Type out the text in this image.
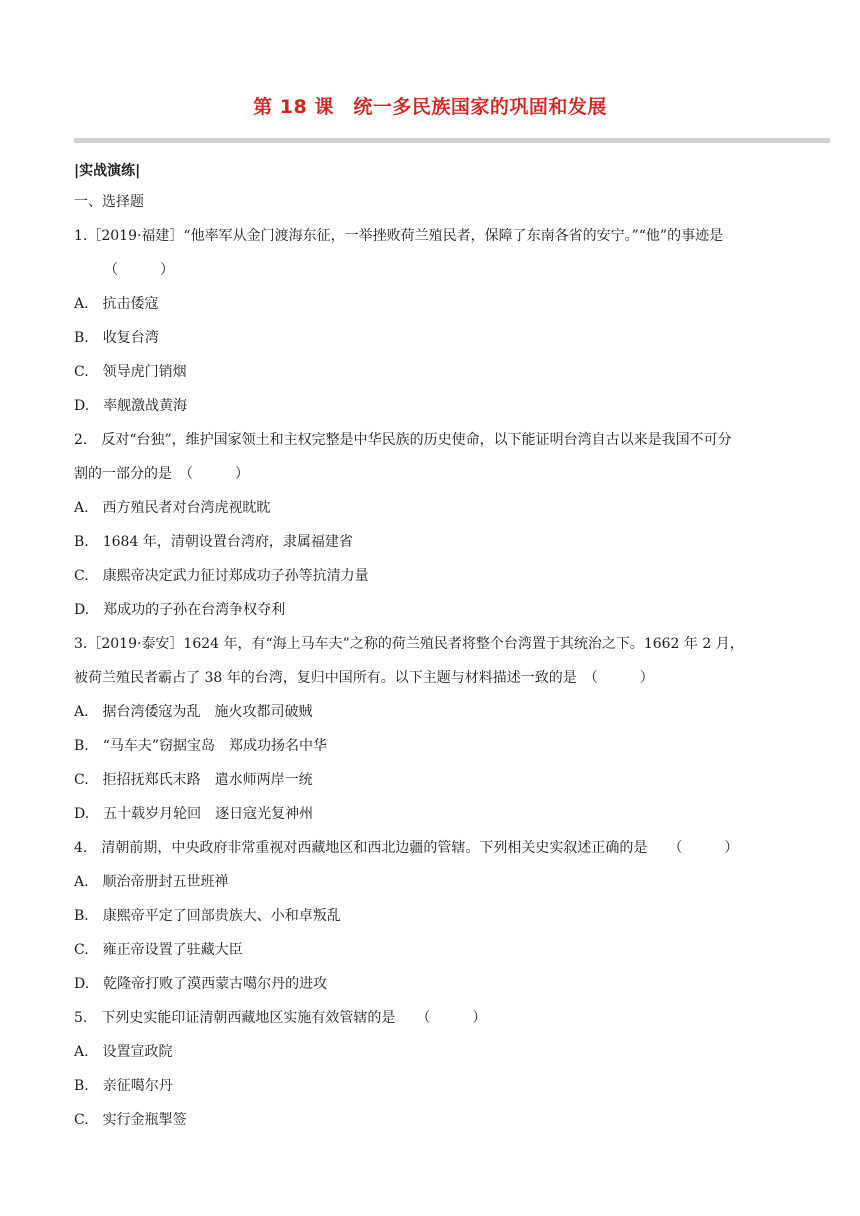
第 18 课　统一多民族国家的巩固和发展
|实战演练|
一、选择题
1.［2019·福建］“他率军从金门渡海东征，一举挫败荷兰殖民者，保障了东南各省的安宁。”“他”的事迹是
（　　　）
A.　抗击倭寇
B.　收复台湾
C.　领导虎门销烟
D.　率舰激战黄海
2.　反对“台独”，维护国家领土和主权完整是中华民族的历史使命，以下能证明台湾自古以来是我国不可分
割的一部分的是　（　　　）
A.　西方殖民者对台湾虎视眈眈
B.　1684 年，清朝设置台湾府，隶属福建省
C.　康熙帝决定武力征讨郑成功子孙等抗清力量
D.　郑成功的子孙在台湾争权夺利
3.［2019·泰安］1624 年，有“海上马车夫”之称的荷兰殖民者将整个台湾置于其统治之下。1662 年 2 月，
被荷兰殖民者霸占了 38 年的台湾，复归中国所有。以下主题与材料描述一致的是　（　　　）
A.　据台湾倭寇为乱　施火攻都司破贼
B.　“马车夫”窃据宝岛　郑成功扬名中华
C.　拒招抚郑氏末路　遣水师两岸一统
D.　五十载岁月轮回　逐日寇光复神州
4.　清朝前期，中央政府非常重视对西藏地区和西北边疆的管辖。下列相关史实叙述正确的是　　（　　　）
A.　顺治帝册封五世班禅
B.　康熙帝平定了回部贵族大、小和卓叛乱
C.　雍正帝设置了驻藏大臣
D.　乾隆帝打败了漠西蒙古噶尔丹的进攻
5.　下列史实能印证清朝西藏地区实施有效管辖的是　　（　　　）
A.　设置宣政院
B.　亲征噶尔丹
C.　实行金瓶掣签
